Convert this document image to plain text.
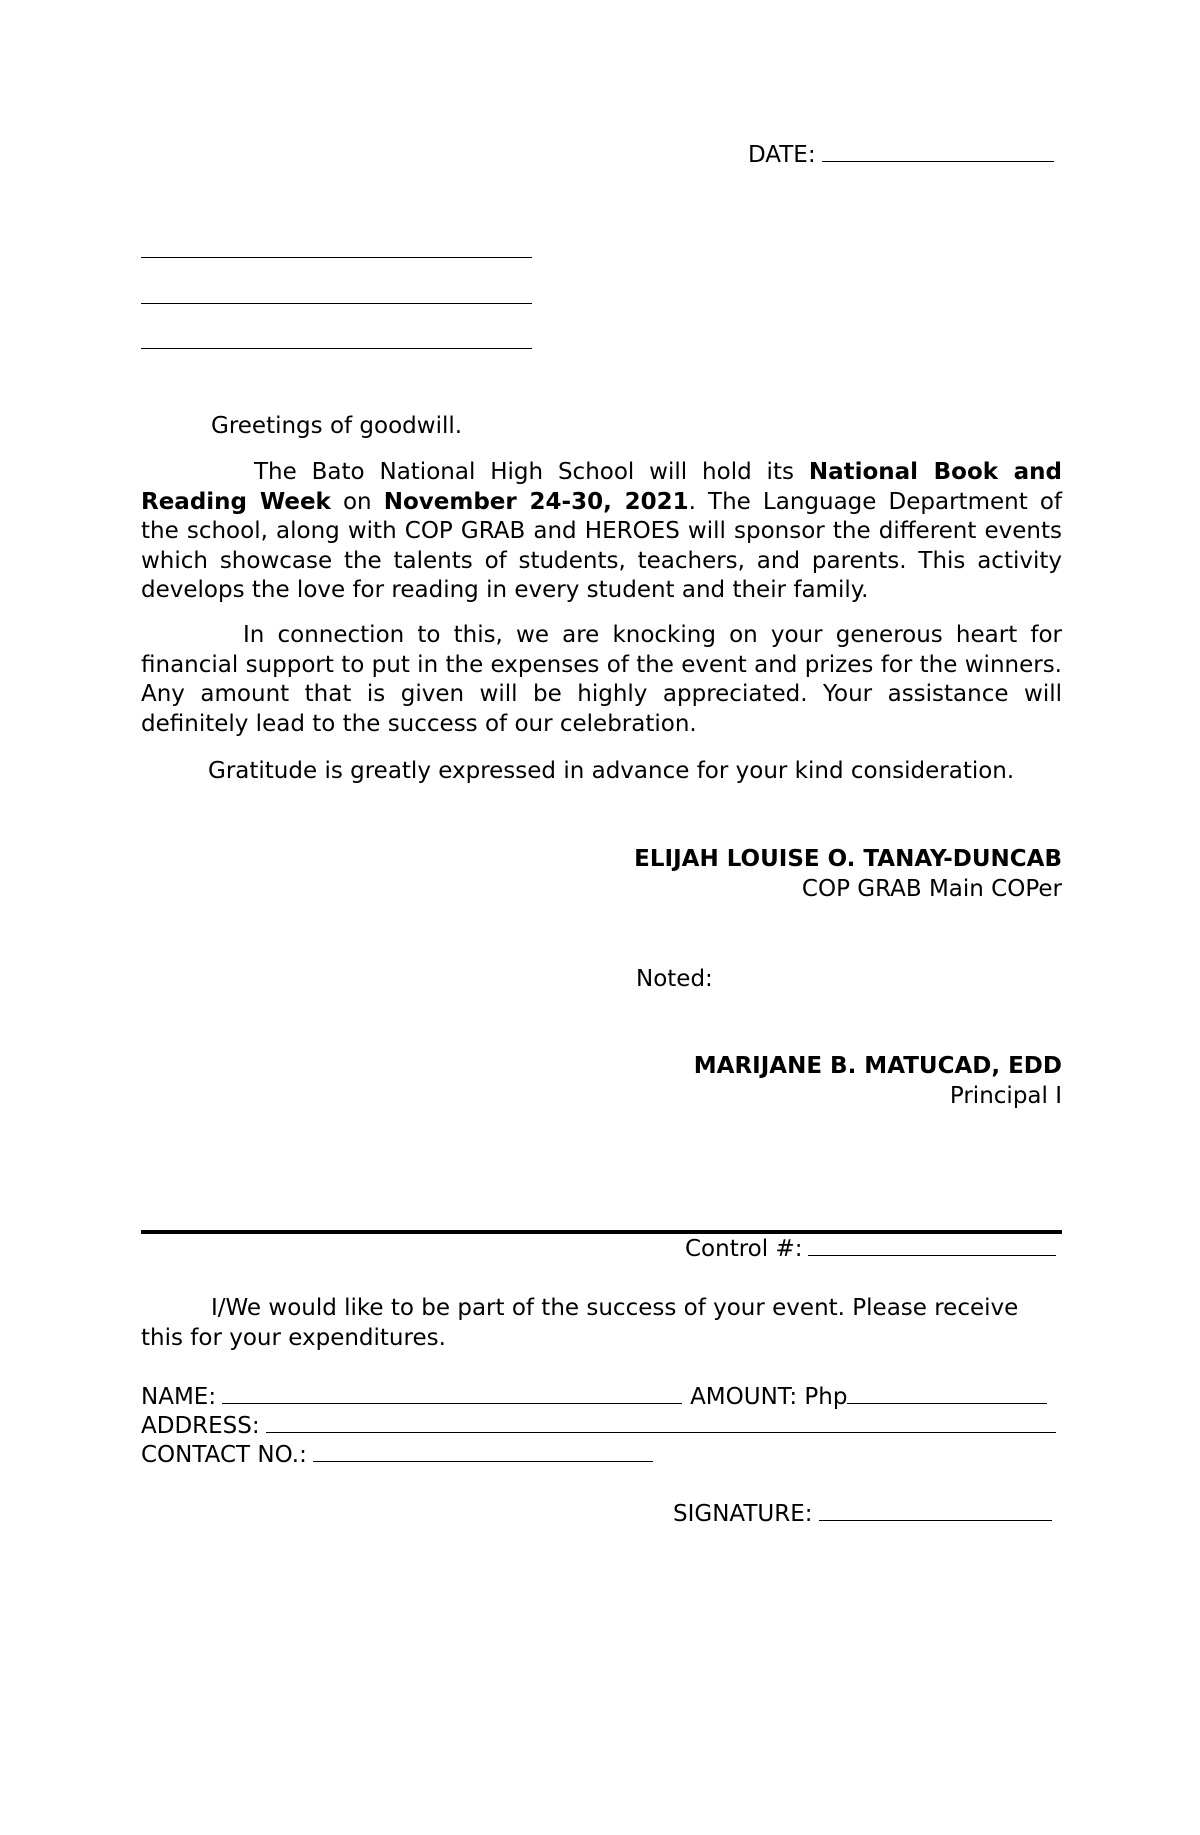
DATE:
Greetings of goodwill.

The Bato National High School will hold its National Book and Reading Week on November 24-30, 2021. The Language Department of the school, along with COP GRAB and HEROES will sponsor the different events which showcase the talents of students, teachers, and parents. This activity develops the love for reading in every student and their family.

In connection to this, we are knocking on your generous heart for financial support to put in the expenses of the event and prizes for the winners. Any amount that is given will be highly appreciated. Your assistance will definitely lead to the success of our celebration.

Gratitude is greatly expressed in advance for your kind consideration.

ELIJAH LOUISE O. TANAY-DUNCAB
COP GRAB Main COPer
Noted:
MARIJANE B. MATUCAD, EDD
Principal I
Control #:

I/We would like to be part of the success of your event. Please receive this for your expenditures.

NAME:	AMOUNT: Php
ADDRESS:
CONTACT NO.:
SIGNATURE:
